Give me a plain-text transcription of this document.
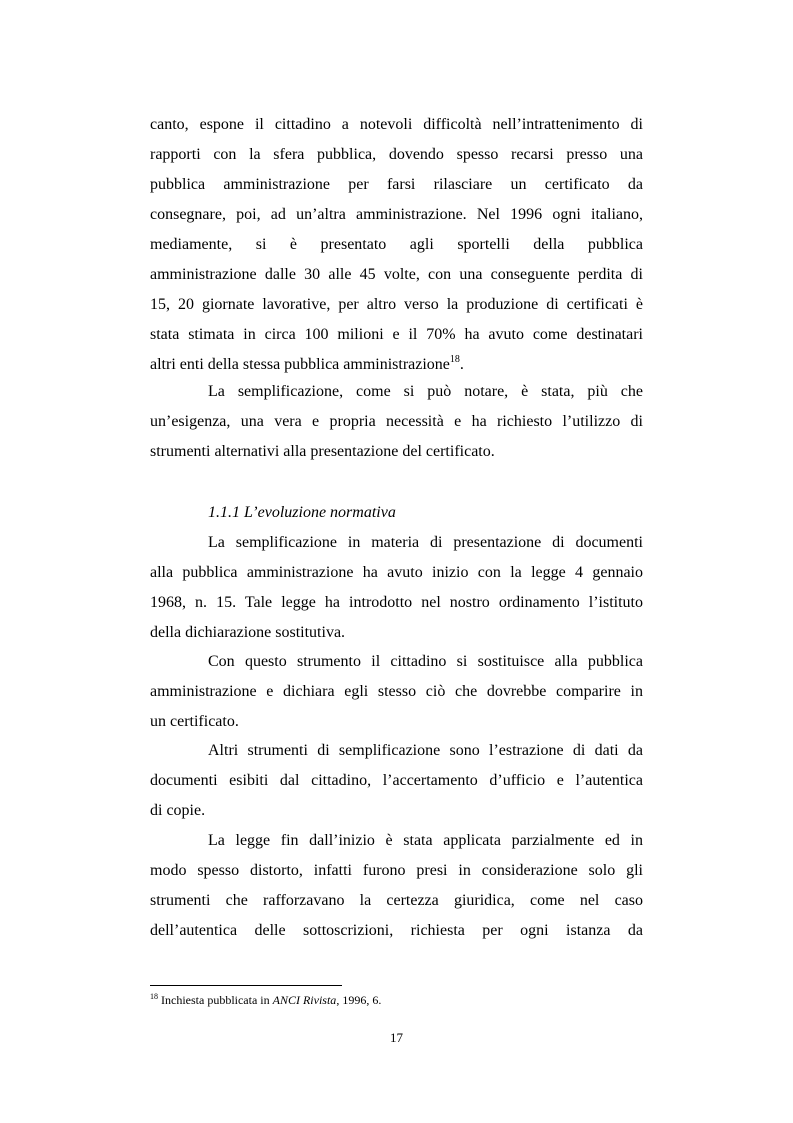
canto, espone il cittadino a notevoli difficoltà nell’intrattenimento di
rapporti con la sfera pubblica, dovendo spesso recarsi presso una
pubblica amministrazione per farsi rilasciare un certificato da
consegnare, poi, ad un’altra amministrazione. Nel 1996 ogni italiano,
mediamente, si è presentato agli sportelli della pubblica
amministrazione dalle 30 alle 45 volte, con una conseguente perdita di
15, 20 giornate lavorative, per altro verso la produzione di certificati è
stata stimata in circa 100 milioni e il 70% ha avuto come destinatari
altri enti della stessa pubblica amministrazione$^{18}$.
La semplificazione, come si può notare, è stata, più che
un’esigenza, una vera e propria necessità e ha richiesto l’utilizzo di
strumenti alternativi alla presentazione del certificato.
1.1.1 L’evoluzione normativa
La semplificazione in materia di presentazione di documenti
alla pubblica amministrazione ha avuto inizio con la legge 4 gennaio
1968, n. 15. Tale legge ha introdotto nel nostro ordinamento l’istituto
della dichiarazione sostitutiva.
Con questo strumento il cittadino si sostituisce alla pubblica
amministrazione e dichiara egli stesso ciò che dovrebbe comparire in
un certificato.
Altri strumenti di semplificazione sono l’estrazione di dati da
documenti esibiti dal cittadino, l’accertamento d’ufficio e l’autentica
di copie.
La legge fin dall’inizio è stata applicata parzialmente ed in
modo spesso distorto, infatti furono presi in considerazione solo gli
strumenti che rafforzavano la certezza giuridica, come nel caso
dell’autentica delle sottoscrizioni, richiesta per ogni istanza da
$^{18}$ Inchiesta pubblicata in ANCI Rivista, 1996, 6.
17
